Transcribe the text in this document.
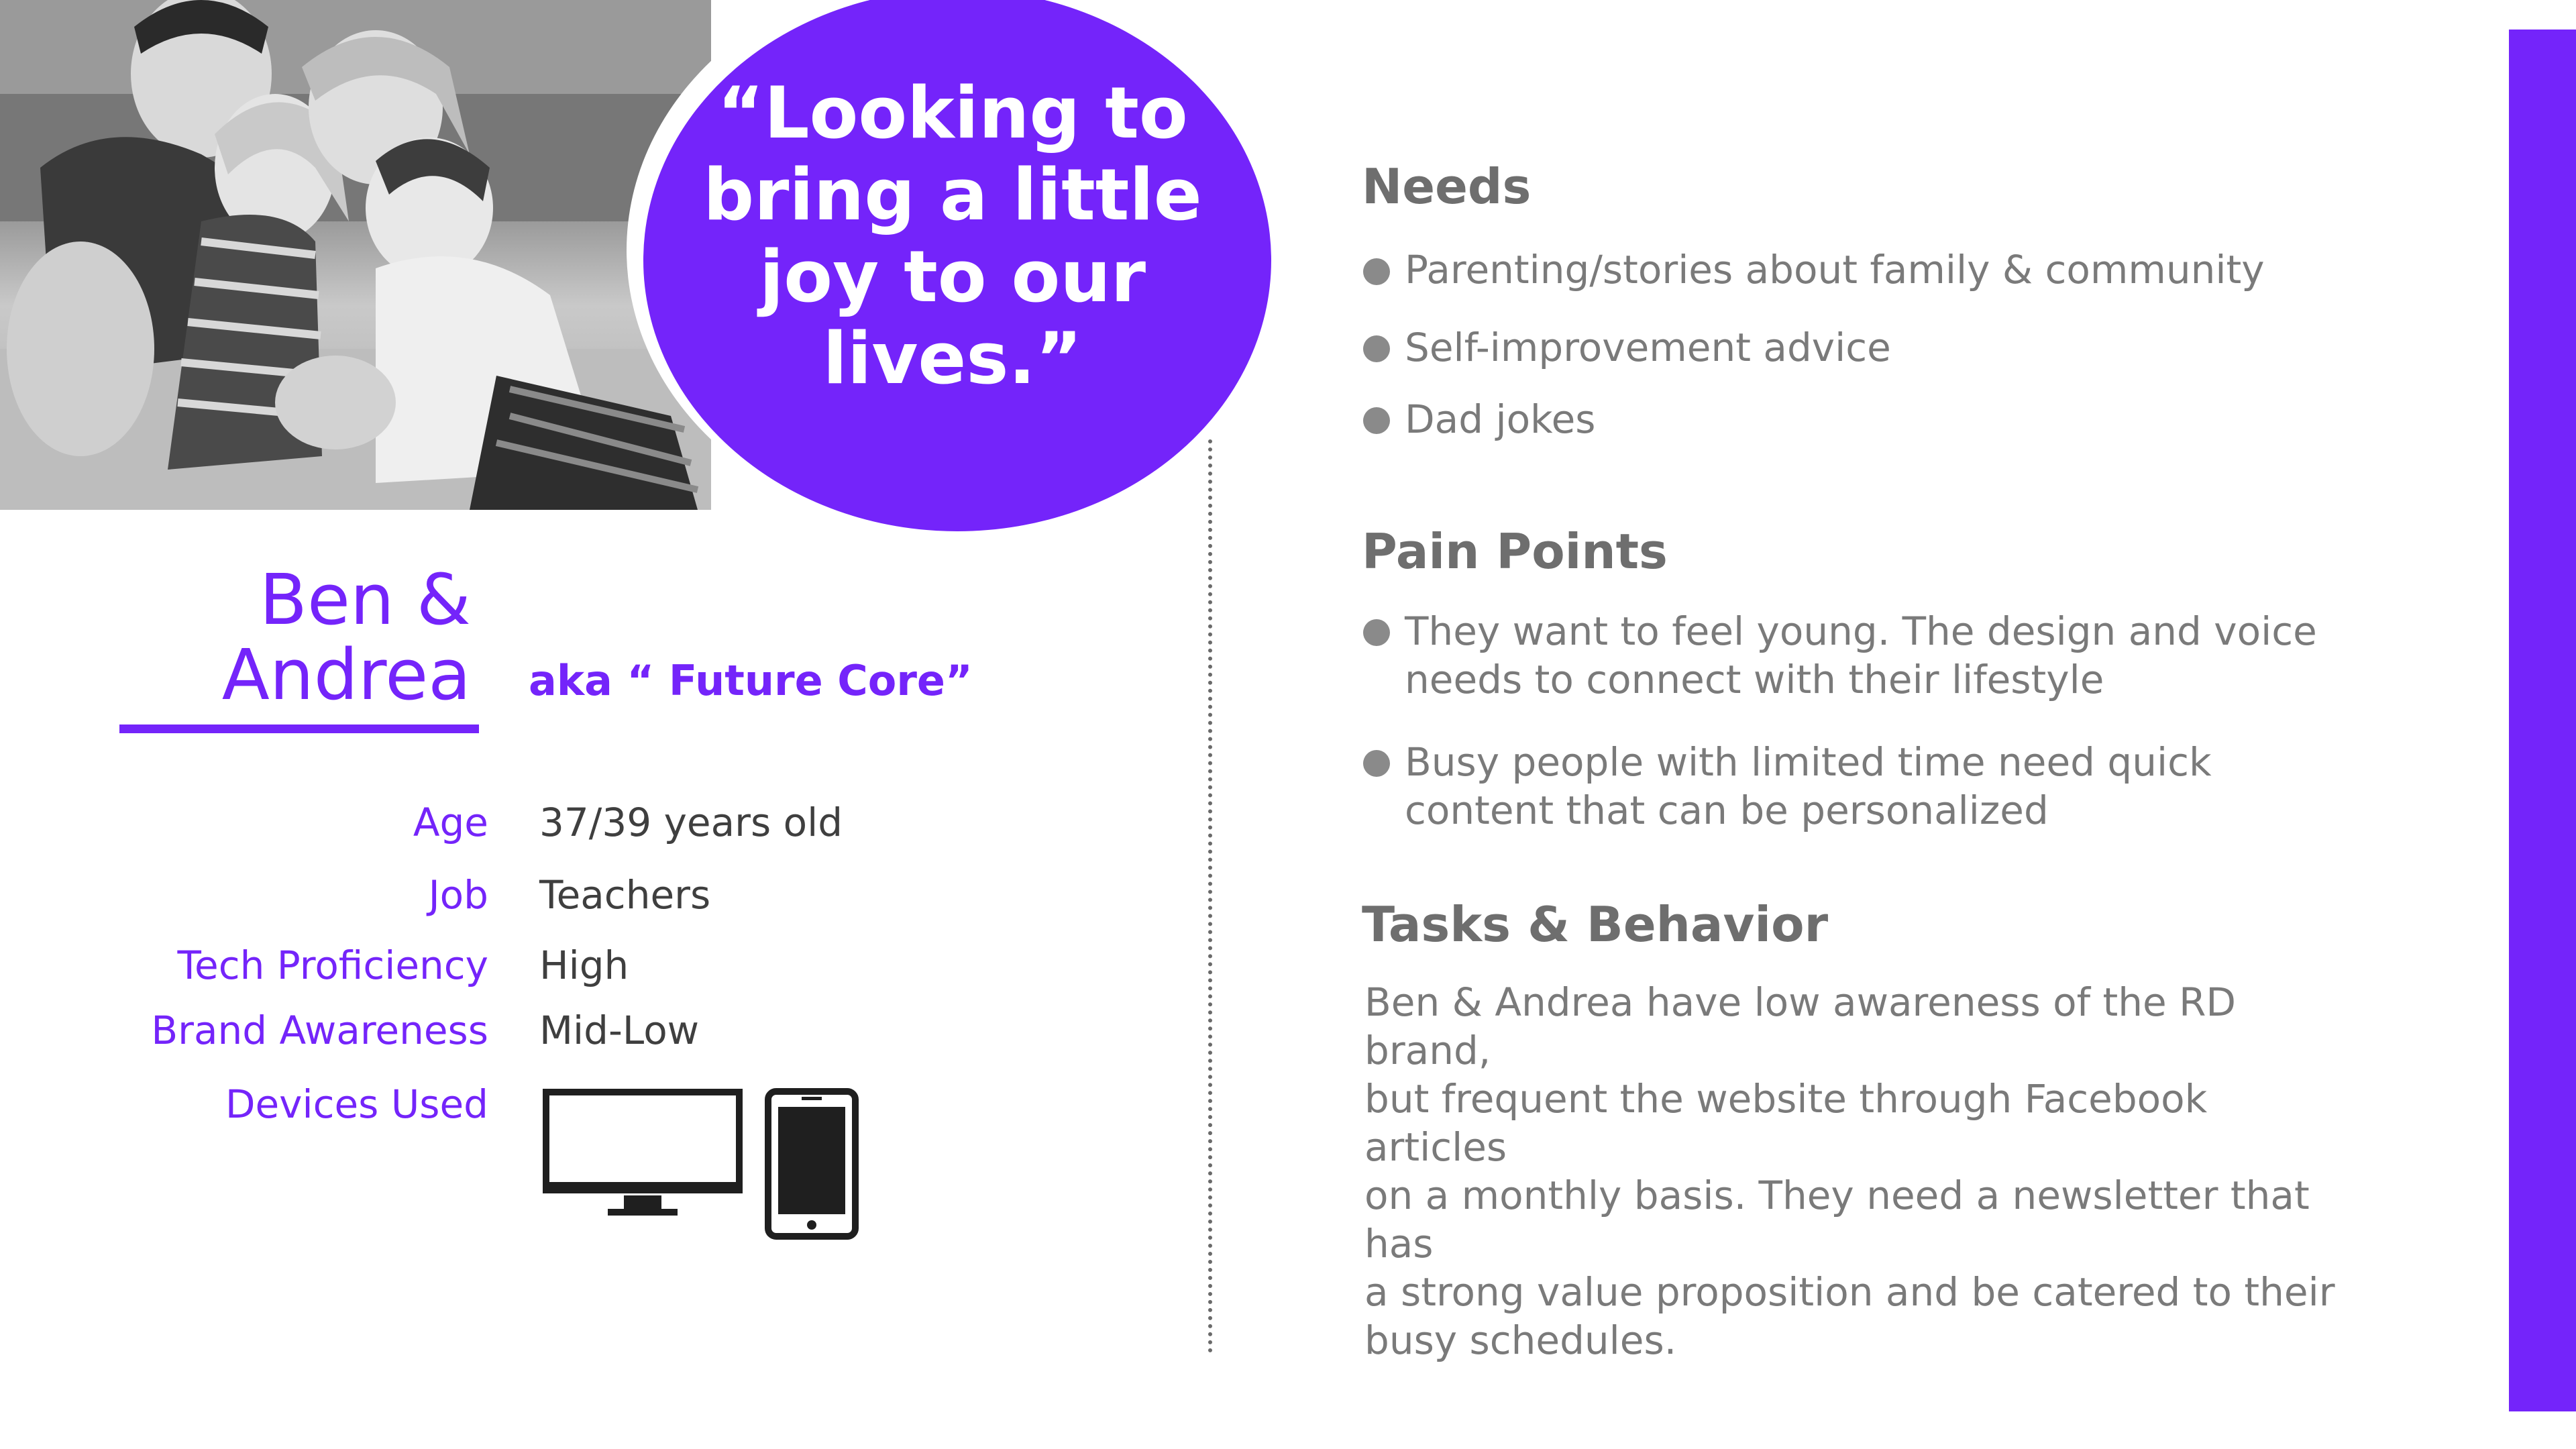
“Looking to
bring a little
joy to our
lives.”
Ben &
Andrea aka “ Future Core”
Age 37/39 years old
Job Teachers
Tech Proficiency High
Brand Awareness Mid-Low
Devices Used
Needs
Parenting/stories about family & community
Self-improvement advice
Dad jokes
Pain Points
They want to feel young. The design and voice
needs to connect with their lifestyle
Busy people with limited time need quick
content that can be personalized
Tasks & Behavior
Ben & Andrea have low awareness of the RD brand,
but frequent the website through Facebook articles
on a monthly basis. They need a newsletter that has
a strong value proposition and be catered to their
busy schedules.
